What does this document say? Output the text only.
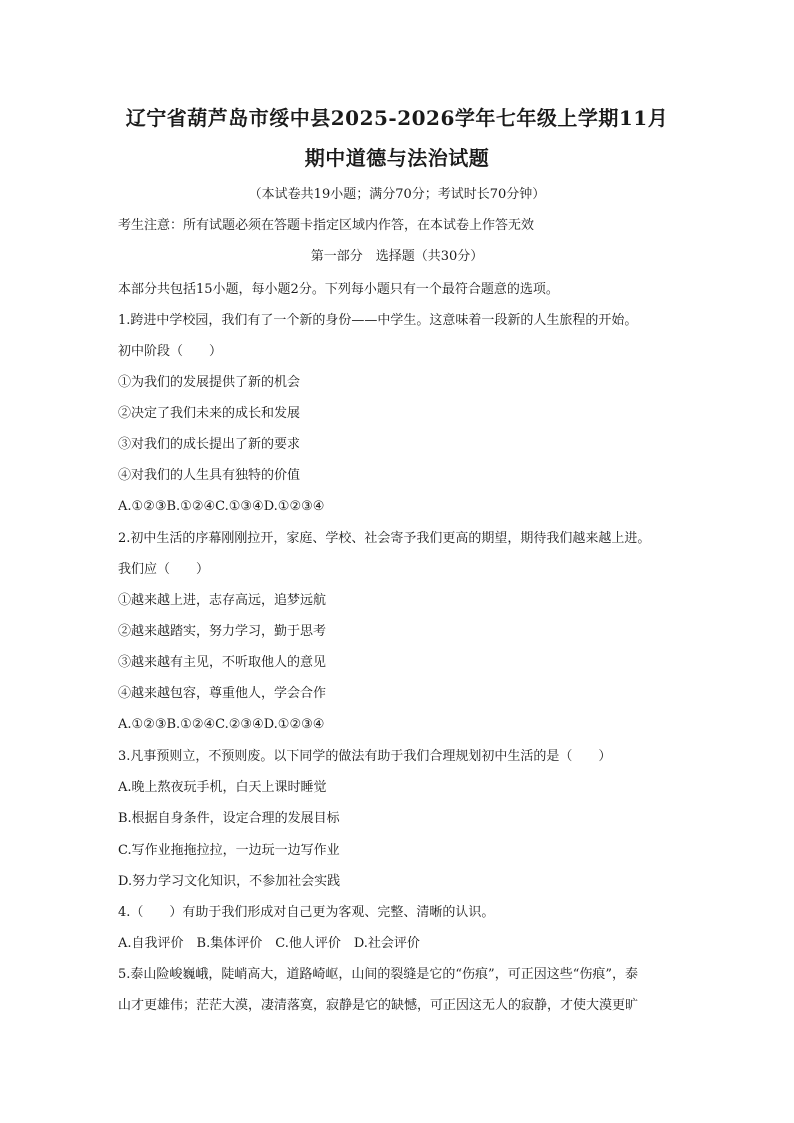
辽宁省葫芦岛市绥中县2025-2026学年七年级上学期11月
期中道德与法治试题
（本试卷共19小题；满分70分；考试时长70分钟）
考生注意：所有试题必须在答题卡指定区域内作答，在本试卷上作答无效
第一部分　选择题（共30分）
本部分共包括15小题，每小题2分。下列每小题只有一个最符合题意的选项。
1.跨进中学校园，我们有了一个新的身份——中学生。这意味着一段新的人生旅程的开始。
初中阶段（　　）
①为我们的发展提供了新的机会
②决定了我们未来的成长和发展
③对我们的成长提出了新的要求
④对我们的人生具有独特的价值
A.①②③B.①②④C.①③④D.①②③④
2.初中生活的序幕刚刚拉开，家庭、学校、社会寄予我们更高的期望，期待我们越来越上进。
我们应（　　）
①越来越上进，志存高远，追梦远航
②越来越踏实，努力学习，勤于思考
③越来越有主见，不听取他人的意见
④越来越包容，尊重他人，学会合作
A.①②③B.①②④C.②③④D.①②③④
3.凡事预则立，不预则废。以下同学的做法有助于我们合理规划初中生活的是（　　）
A.晚上熬夜玩手机，白天上课时睡觉
B.根据自身条件，设定合理的发展目标
C.写作业拖拖拉拉，一边玩一边写作业
D.努力学习文化知识，不参加社会实践
4.（　　）有助于我们形成对自己更为客观、完整、清晰的认识。
A.自我评价　B.集体评价　C.他人评价　D.社会评价
5.泰山险峻巍峨，陡峭高大，道路崎岖，山间的裂缝是它的“伤痕”，可正因这些“伤痕”，泰
山才更雄伟；茫茫大漠，凄清落寞，寂静是它的缺憾，可正因这无人的寂静，才使大漠更旷
